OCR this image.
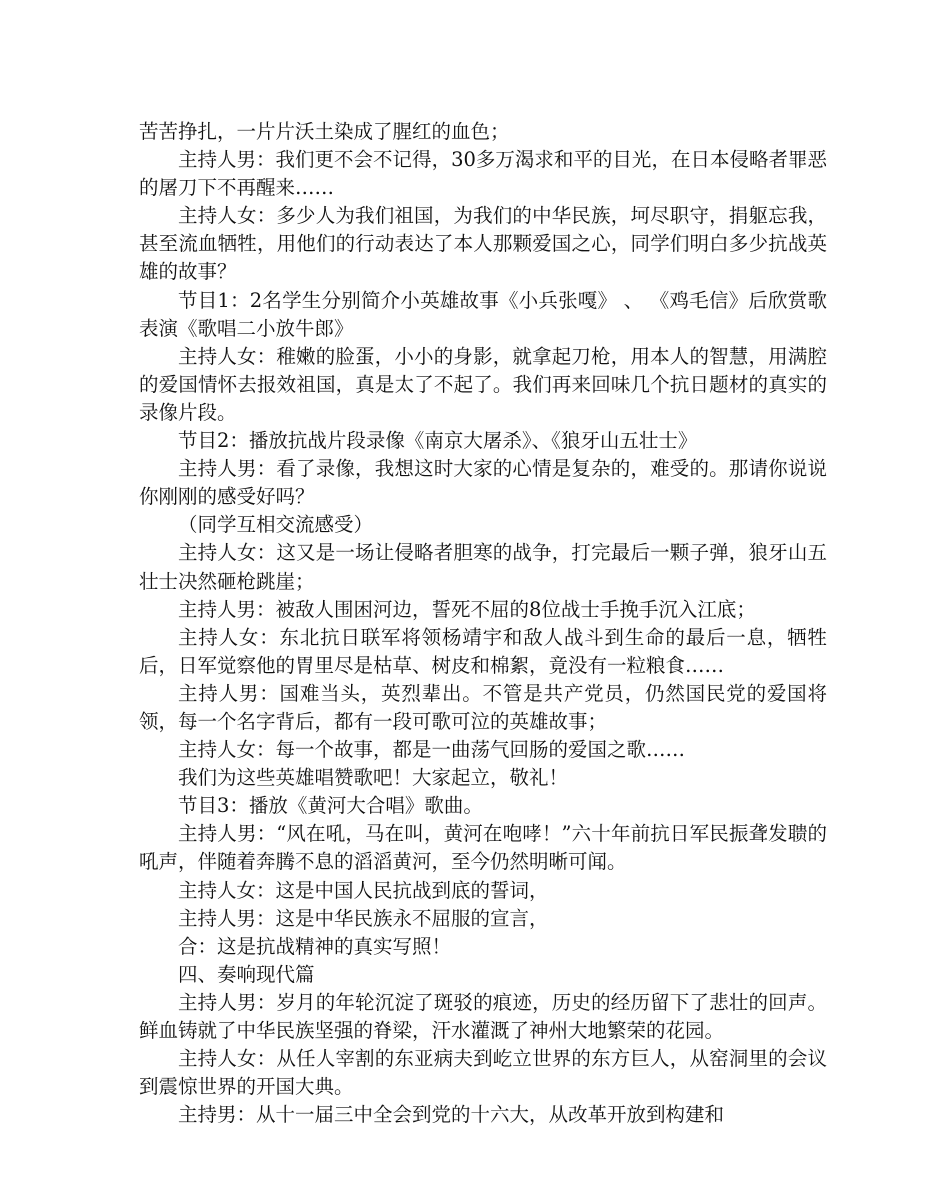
苦苦挣扎，一片片沃土染成了腥红的血色；

主持人男：我们更不会不记得，30多万渴求和平的目光，在日本侵略者罪恶的屠刀下不再醒来……

主持人女：多少人为我们祖国，为我们的中华民族，坷尽职守，捐躯忘我，甚至流血牺牲，用他们的行动表达了本人那颗爱国之心，同学们明白多少抗战英雄的故事？

节目1：2名学生分别简介小英雄故事《小兵张嘎》 、 《鸡毛信》后欣赏歌表演《歌唱二小放牛郎》

主持人女：稚嫩的脸蛋，小小的身影，就拿起刀枪，用本人的智慧，用满腔的爱国情怀去报效祖国，真是太了不起了。我们再来回味几个抗日题材的真实的录像片段。

节目2：播放抗战片段录像《南京大屠杀》、《狼牙山五壮士》

主持人男：看了录像，我想这时大家的心情是复杂的，难受的。那请你说说你刚刚的感受好吗？

（同学互相交流感受）

主持人女：这又是一场让侵略者胆寒的战争，打完最后一颗子弹，狼牙山五壮士决然砸枪跳崖；

主持人男：被敌人围困河边，誓死不屈的8位战士手挽手沉入江底；

主持人女：东北抗日联军将领杨靖宇和敌人战斗到生命的最后一息，牺牲后，日军觉察他的胃里尽是枯草、树皮和棉絮，竟没有一粒粮食……

主持人男：国难当头，英烈辈出。不管是共产党员，仍然国民党的爱国将领，每一个名字背后，都有一段可歌可泣的英雄故事；

主持人女：每一个故事，都是一曲荡气回肠的爱国之歌……

我们为这些英雄唱赞歌吧！大家起立，敬礼！

节目3：播放《黄河大合唱》歌曲。

主持人男：“风在吼，马在叫，黄河在咆哮！”六十年前抗日军民振聋发聩的吼声，伴随着奔腾不息的滔滔黄河，至今仍然明晰可闻。

主持人女：这是中国人民抗战到底的誓词，

主持人男：这是中华民族永不屈服的宣言，

合：这是抗战精神的真实写照！

四、奏响现代篇

主持人男：岁月的年轮沉淀了斑驳的痕迹，历史的经历留下了悲壮的回声。鲜血铸就了中华民族坚强的脊梁，汗水灌溉了神州大地繁荣的花园。

主持人女：从任人宰割的东亚病夫到屹立世界的东方巨人，从窑洞里的会议到震惊世界的开国大典。

主持男：从十一届三中全会到党的十六大，从改革开放到构建和
